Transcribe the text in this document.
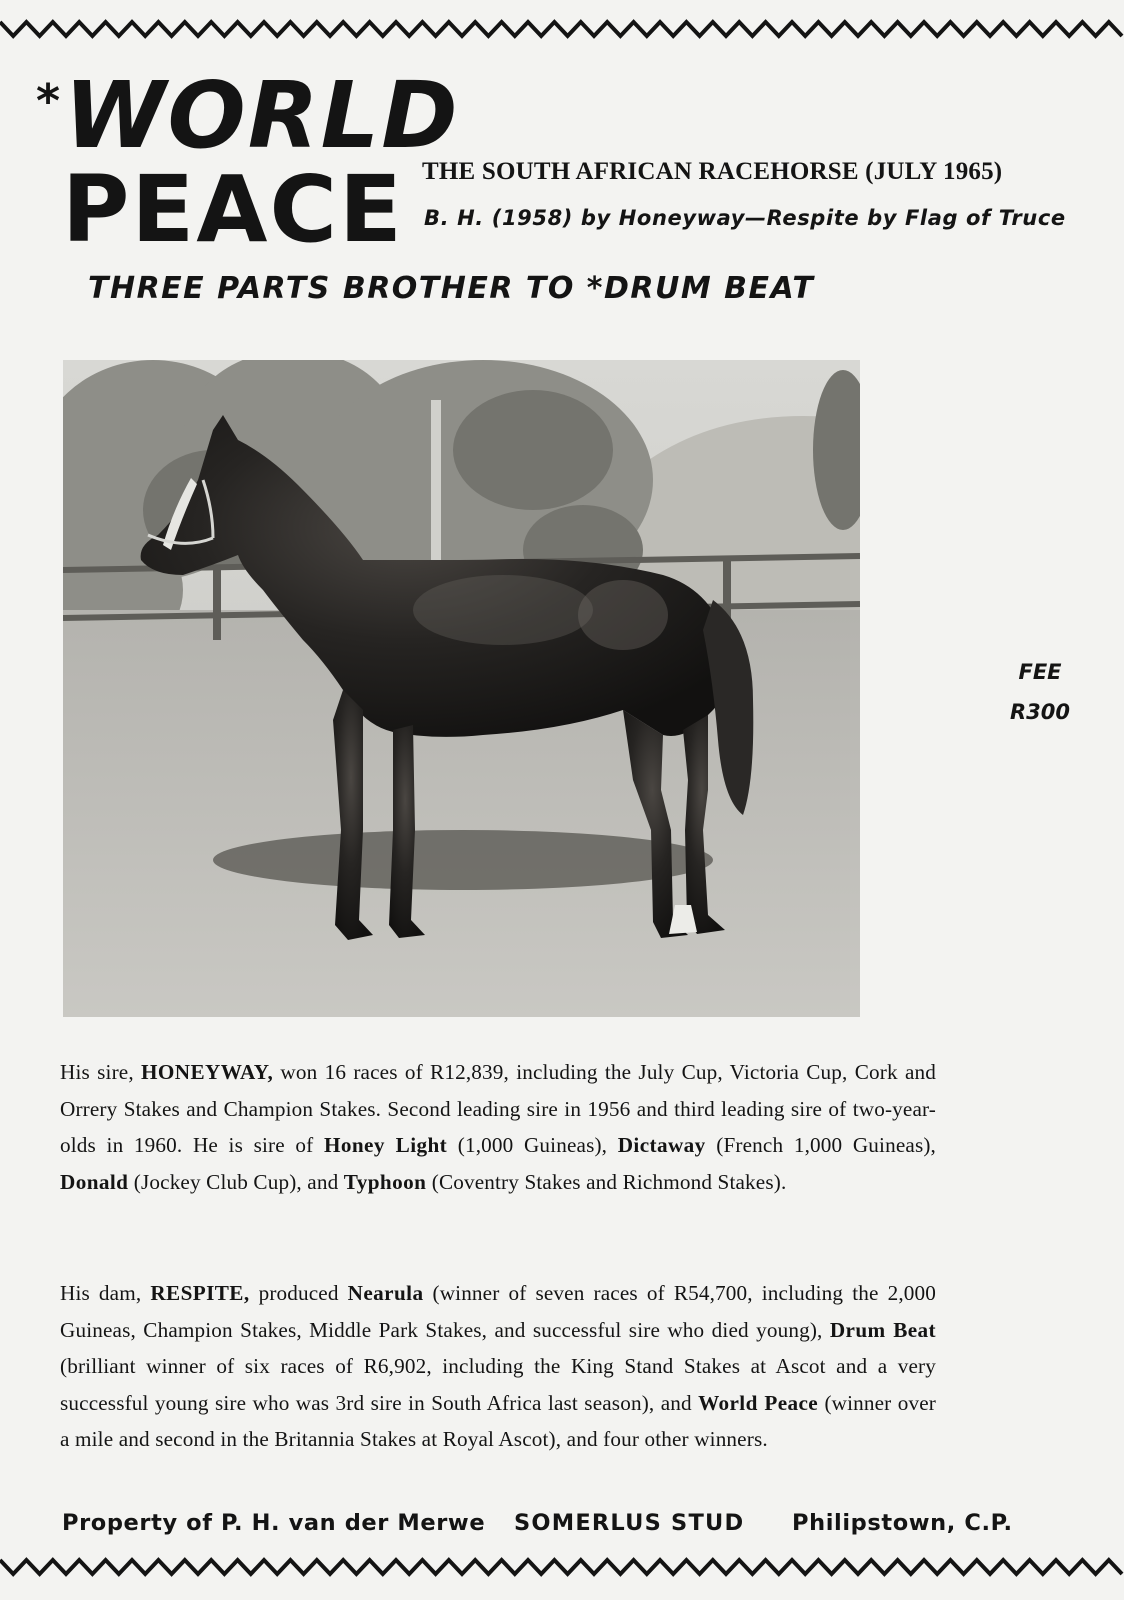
*WORLD
PEACE THE SOUTH AFRICAN RACEHORSE (JULY 1965)
B. H. (1958) by Honeyway—Respite by Flag of Truce
THREE PARTS BROTHER TO *DRUM BEAT
FEE
R300

His sire, HONEYWAY, won 16 races of R12,839, including the July Cup, Victoria Cup, Cork and Orrery Stakes and Champion Stakes. Second leading sire in 1956 and third leading sire of two-year-olds in 1960. He is sire of Honey Light (1,000 Guineas), Dictaway (French 1,000 Guineas), Donald (Jockey Club Cup), and Typhoon (Coventry Stakes and Richmond Stakes).

His dam, RESPITE, produced Nearula (winner of seven races of R54,700, including the 2,000 Guineas, Champion Stakes, Middle Park Stakes, and successful sire who died young), Drum Beat (brilliant winner of six races of R6,902, including the King Stand Stakes at Ascot and a very successful young sire who was 3rd sire in South Africa last season), and World Peace (winner over a mile and second in the Britannia Stakes at Royal Ascot), and four other winners.

Property of P. H. van der Merwe SOMERLUS STUD Philipstown, C.P.
